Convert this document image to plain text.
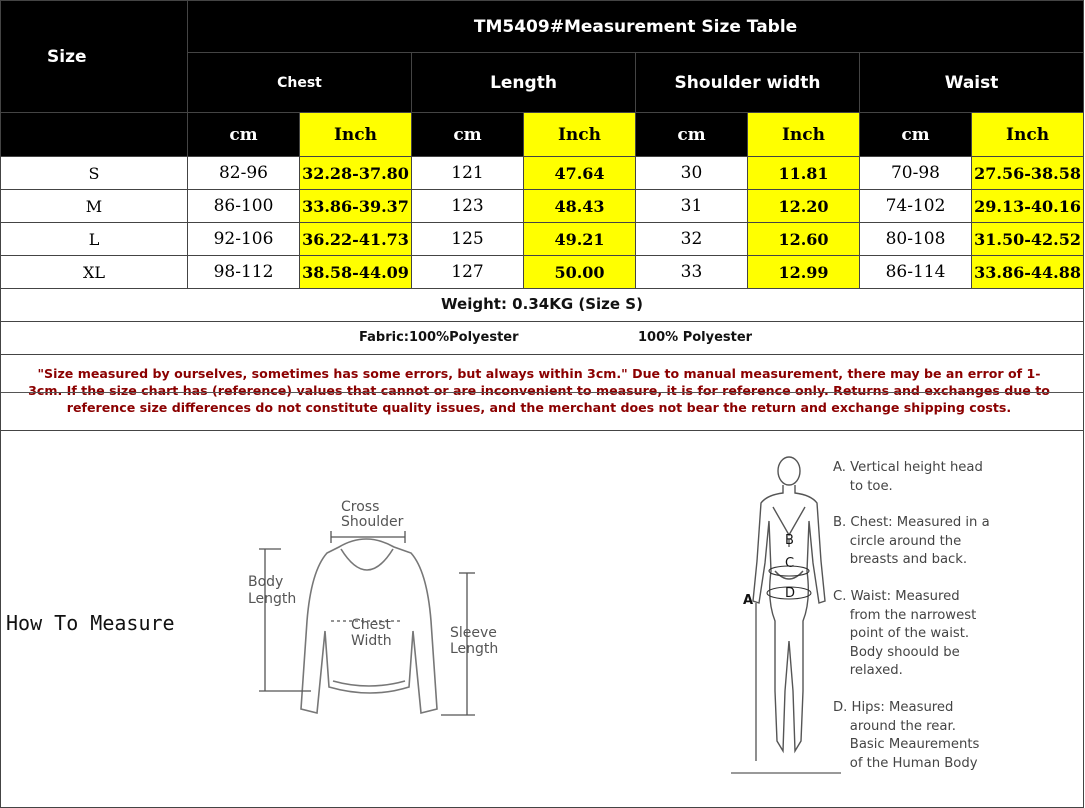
Size	TM5409#Measurement Size Table							
	Chest		Length		Shoulder width		Waist	
	cm	Inch	cm	Inch	cm	Inch	cm	Inch
S	82-96	32.28-37.80	121	47.64	30	11.81	70-98	27.56-38.58
M	86-100	33.86-39.37	123	48.43	31	12.20	74-102	29.13-40.16
L	92-106	36.22-41.73	125	49.21	32	12.60	80-108	31.50-42.52
XL	98-112	38.58-44.09	127	50.00	33	12.99	86-114	33.86-44.88
Weight: 0.34KG (Size S)
Fabric:100%Polyester	100% Polyester
"Size measured by ourselves, sometimes has some errors, but always within 3cm." Due to manual measurement, there may be an error of 1-3cm. If the size chart has (reference) values that cannot or are inconvenient to measure, it is for reference only. Returns and exchanges due to reference size differences do not constitute quality issues, and the merchant does not bear the return and exchange shipping costs.
How To Measure
Cross
Shoulder
Body
Length
Chest
Width	Sleeve
Length
A
B
C
D
A. Vertical height head
to toe.
B. Chest: Measured in a
circle around the
breasts and back.
C. Waist: Measured
from the narrowest
point of the waist.
Body shoould be
relaxed.
D. Hips: Measured
around the rear.
Basic Meaurements
of the Human Body
